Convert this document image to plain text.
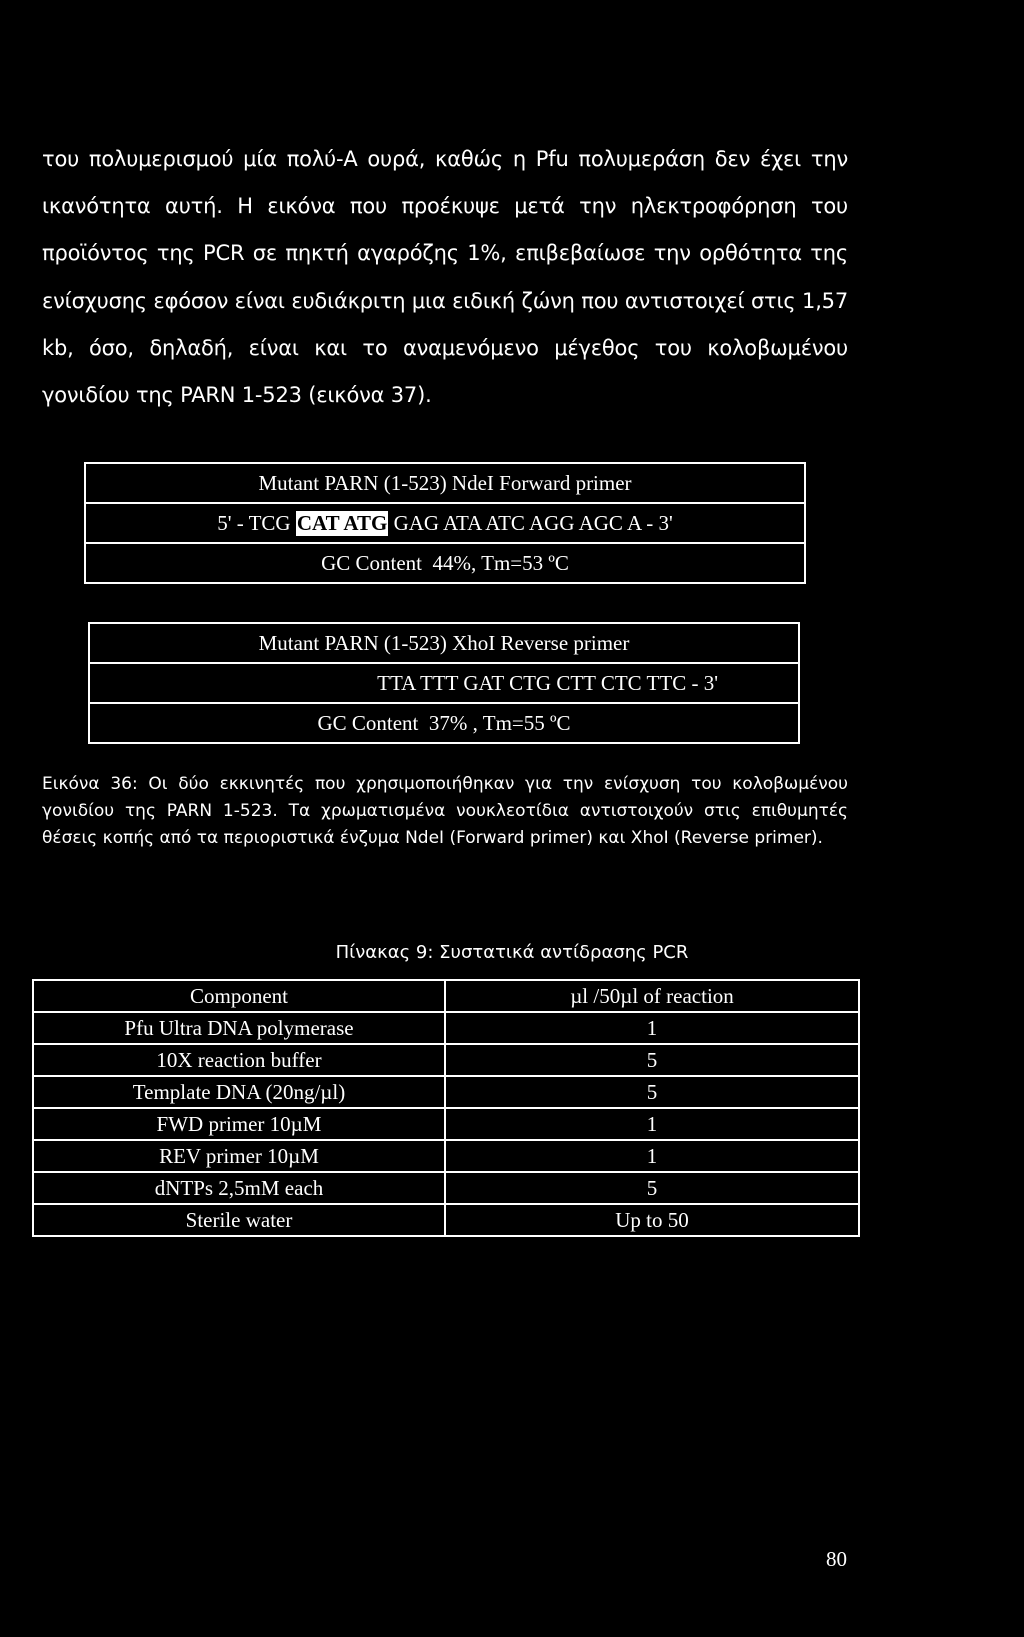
του πολυμερισμού μία πολύ-Α ουρά, καθώς η Pfu πολυμεράση δεν έχει την ικανότητα αυτή. Η εικόνα που προέκυψε μετά την ηλεκτροφόρηση του προϊόντος της PCR σε πηκτή αγαρόζης 1%, επιβεβαίωσε την ορθότητα της ενίσχυσης εφόσον είναι ευδιάκριτη μια ειδική ζώνη που αντιστοιχεί στις 1,57 kb, όσο, δηλαδή, είναι και το αναμενόμενο μέγεθος του κολοβωμένου γονιδίου της PARN 1-523 (εικόνα 37).

Mutant PARN (1-523) NdeI Forward primer
5' - TCG CAT ATG GAG ATA ATC AGG AGC A - 3'
GC Content  44%, Tm=53 ºC
Mutant PARN (1-523) XhoI Reverse primer
TTA TTT GAT CTG CTT CTC TTC - 3'
GC Content  37% , Tm=55 ºC

Εικόνα 36: Οι δύο εκκινητές που χρησιμοποιήθηκαν για την ενίσχυση του κολοβωμένου γονιδίου της PARN 1-523. Τα χρωματισμένα νουκλεοτίδια αντιστοιχούν στις επιθυμητές θέσεις κοπής από τα περιοριστικά ένζυμα NdeI (Forward primer) και XhoI (Reverse primer).

Πίνακας 9: Συστατικά αντίδρασης PCR
Component	µl /50µl of reaction
Pfu Ultra DNA polymerase	1
10X reaction buffer	5
Template DNA (20ng/µl)	5
FWD primer 10µM	1
REV primer 10µM	1
dNTPs 2,5mM each	5
Sterile water	Up to 50
80
